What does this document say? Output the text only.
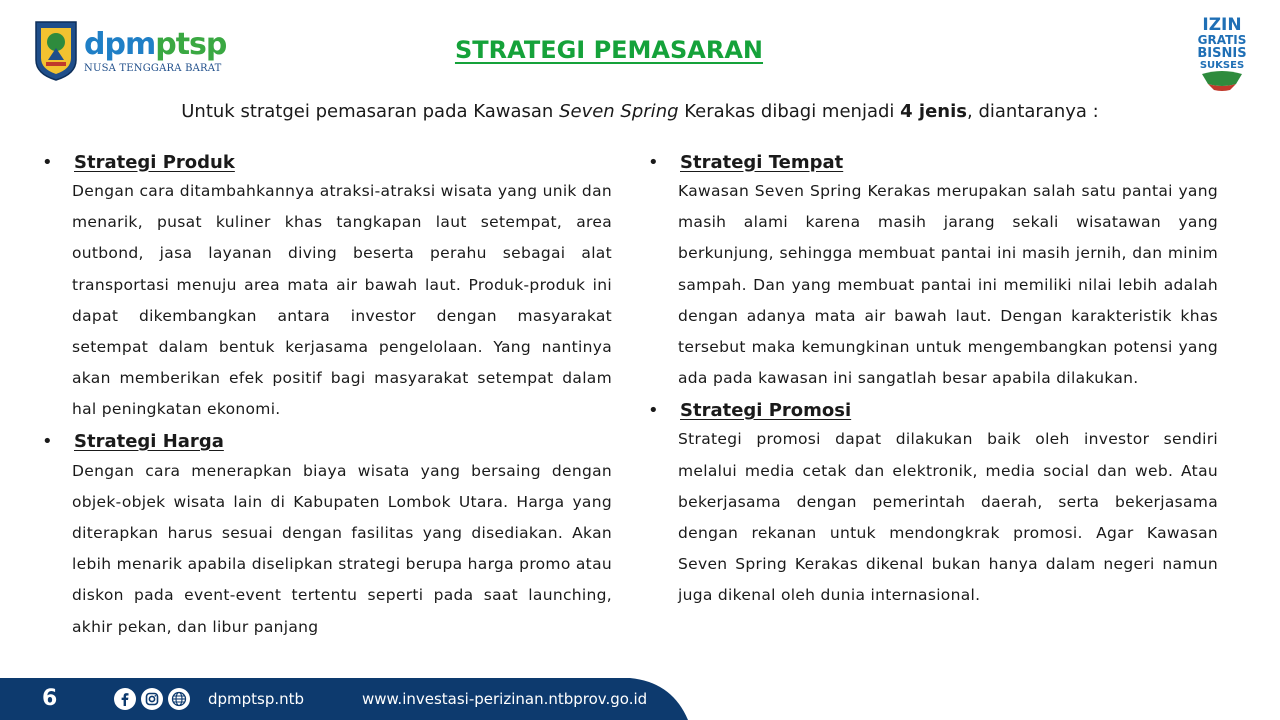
dpmptsp
NUSA TENGGARA BARAT
STRATEGI PEMASARAN
IZIN
GRATIS
BISNIS
SUKSES
Untuk stratgei pemasaran pada Kawasan Seven Spring Kerakas dibagi menjadi 4 jenis, diantaranya :
•	Strategi Produk
Dengan cara ditambahkannya atraksi-atraksi wisata yang unik dan menarik, pusat kuliner khas tangkapan laut setempat, area outbond, jasa layanan diving beserta perahu sebagai alat transportasi menuju area mata air bawah laut. Produk-produk ini dapat dikembangkan antara investor dengan masyarakat setempat dalam bentuk kerjasama pengelolaan. Yang nantinya akan memberikan efek positif bagi masyarakat setempat dalam hal peningkatan ekonomi.
•	Strategi Harga
Dengan cara menerapkan biaya wisata yang bersaing dengan objek-objek wisata lain di Kabupaten Lombok Utara. Harga yang diterapkan harus sesuai dengan fasilitas yang disediakan. Akan lebih menarik apabila diselipkan strategi berupa harga promo atau diskon pada event-event tertentu seperti pada saat launching, akhir pekan, dan libur panjang
•	Strategi Tempat
Kawasan Seven Spring Kerakas merupakan salah satu pantai yang masih alami karena masih jarang sekali wisatawan yang berkunjung, sehingga membuat pantai ini masih jernih, dan minim sampah. Dan yang membuat pantai ini memiliki nilai lebih adalah dengan adanya mata air bawah laut. Dengan karakteristik khas tersebut maka kemungkinan untuk mengembangkan potensi yang ada pada kawasan ini sangatlah besar apabila dilakukan.
•	Strategi Promosi
Strategi promosi dapat dilakukan baik oleh investor sendiri melalui media cetak dan elektronik, media social dan web. Atau bekerjasama dengan pemerintah daerah, serta bekerjasama dengan rekanan untuk mendongkrak promosi. Agar Kawasan Seven Spring Kerakas dikenal bukan hanya dalam negeri namun juga dikenal oleh dunia internasional.
6	dpmptsp.ntb	www.investasi-perizinan.ntbprov.go.id
